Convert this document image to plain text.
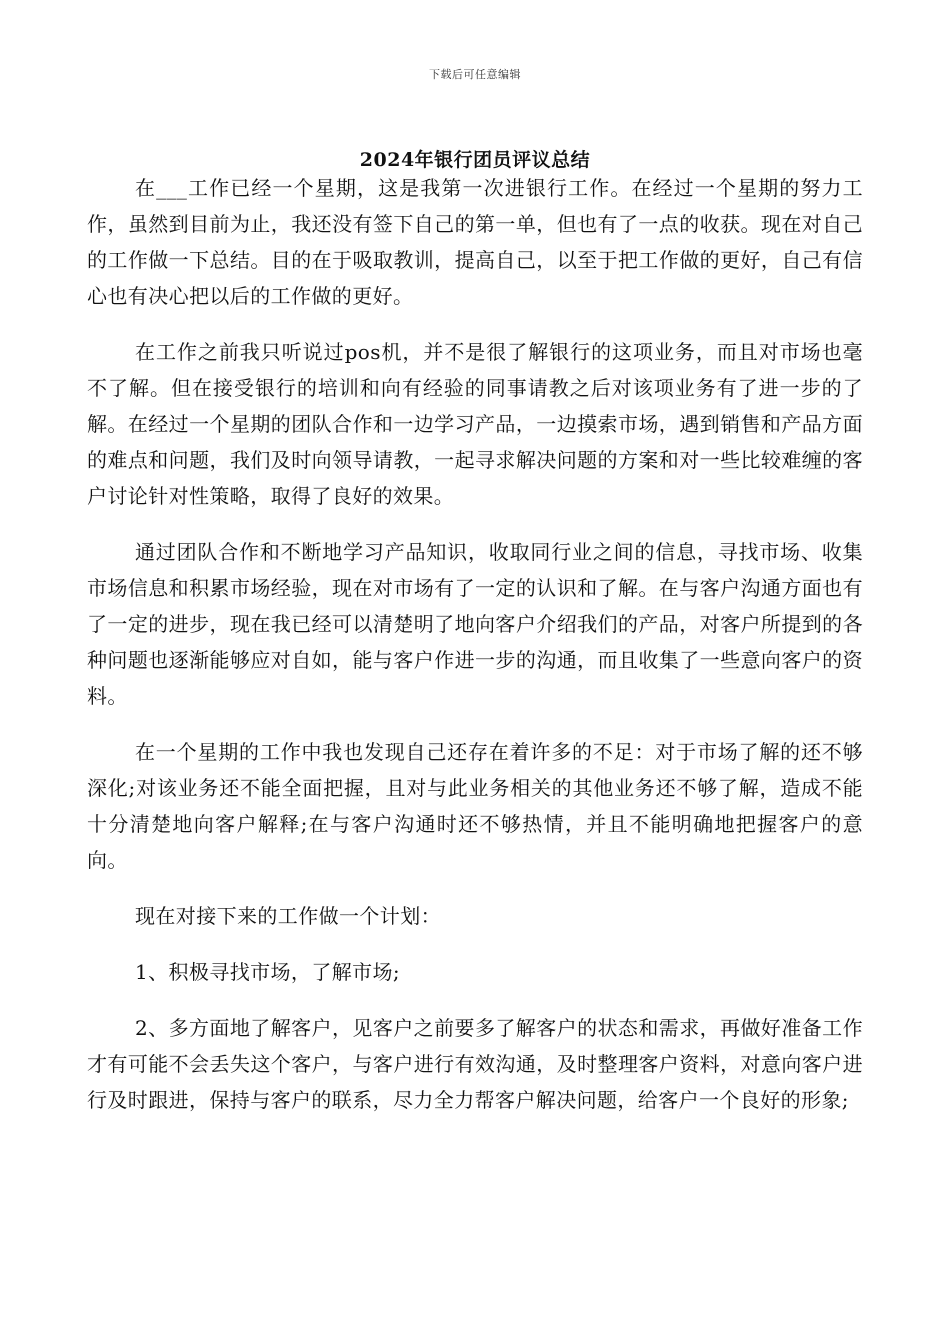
下载后可任意编辑
2024年银行团员评议总结

在___工作已经一个星期，这是我第一次进银行工作。在经过一个星期的努力工作，虽然到目前为止，我还没有签下自己的第一单，但也有了一点的收获。现在对自己的工作做一下总结。目的在于吸取教训，提高自己，以至于把工作做的更好，自己有信心也有决心把以后的工作做的更好。

在工作之前我只听说过pos机，并不是很了解银行的这项业务，而且对市场也毫不了解。但在接受银行的培训和向有经验的同事请教之后对该项业务有了进一步的了解。在经过一个星期的团队合作和一边学习产品，一边摸索市场，遇到销售和产品方面的难点和问题，我们及时向领导请教，一起寻求解决问题的方案和对一些比较难缠的客户讨论针对性策略，取得了良好的效果。

通过团队合作和不断地学习产品知识，收取同行业之间的信息，寻找市场、收集市场信息和积累市场经验，现在对市场有了一定的认识和了解。在与客户沟通方面也有了一定的进步，现在我已经可以清楚明了地向客户介绍我们的产品，对客户所提到的各种问题也逐渐能够应对自如，能与客户作进一步的沟通，而且收集了一些意向客户的资料。

在一个星期的工作中我也发现自己还存在着许多的不足：对于市场了解的还不够深化;对该业务还不能全面把握，且对与此业务相关的其他业务还不够了解，造成不能十分清楚地向客户解释;在与客户沟通时还不够热情，并且不能明确地把握客户的意向。

现在对接下来的工作做一个计划：

1、积极寻找市场，了解市场;

2、多方面地了解客户，见客户之前要多了解客户的状态和需求，再做好准备工作才有可能不会丢失这个客户，与客户进行有效沟通，及时整理客户资料，对意向客户进行及时跟进，保持与客户的联系，尽力全力帮客户解决问题，给客户一个良好的形象;
